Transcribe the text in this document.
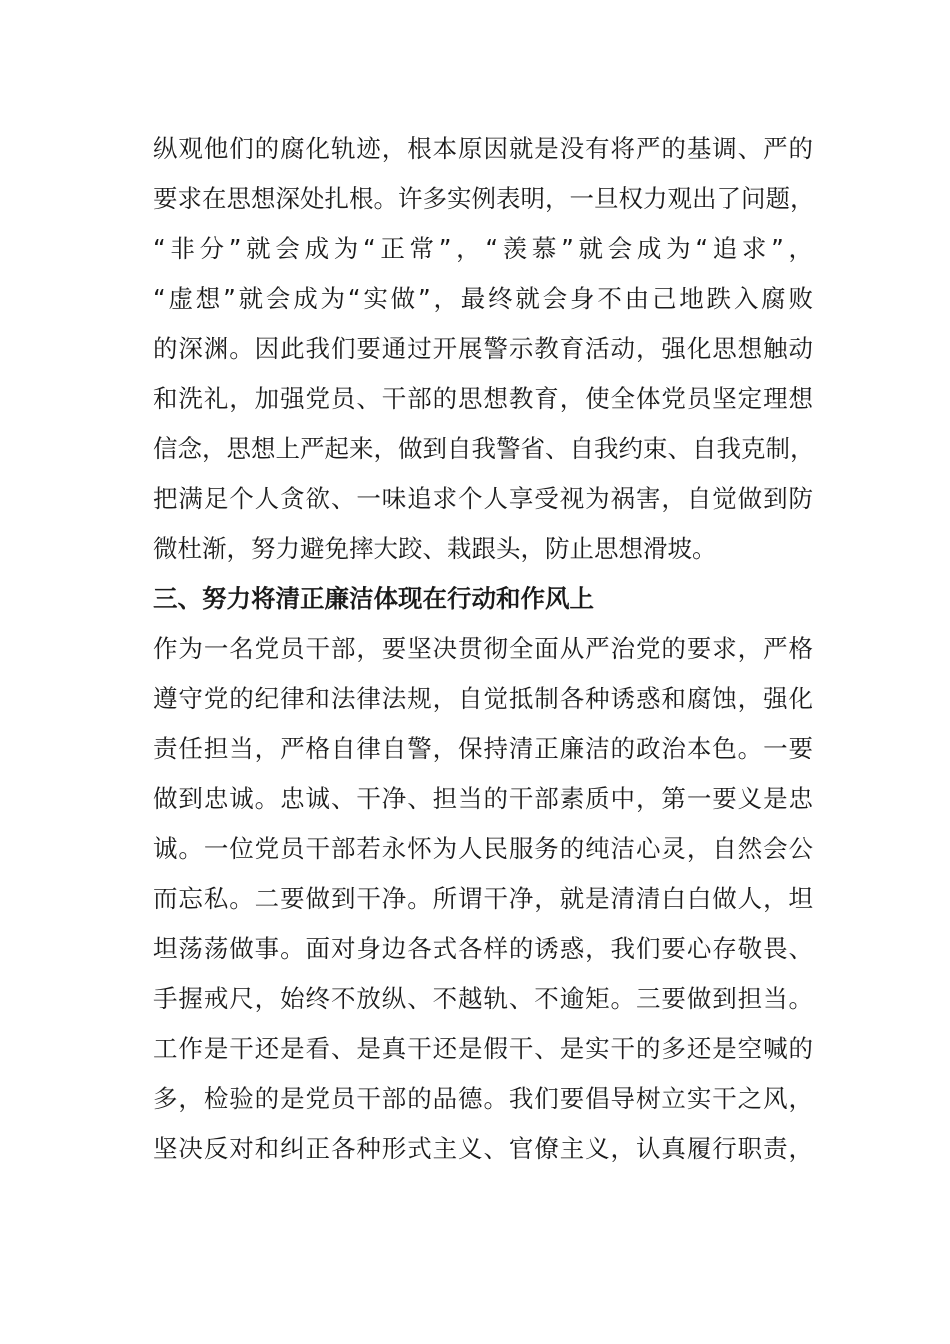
纵观他们的腐化轨迹，根本原因就是没有将严的基调、严的
要求在思想深处扎根。许多实例表明，一旦权力观出了问题，
“非分”就会成为“正常”，“羡慕”就会成为“追求”，
“虚想”就会成为“实做”，最终就会身不由己地跌入腐败
的深渊。因此我们要通过开展警示教育活动，强化思想触动
和洗礼，加强党员、干部的思想教育，使全体党员坚定理想
信念，思想上严起来，做到自我警省、自我约束、自我克制，
把满足个人贪欲、一味追求个人享受视为祸害，自觉做到防
微杜渐，努力避免摔大跤、栽跟头，防止思想滑坡。
三、努力将清正廉洁体现在行动和作风上
作为一名党员干部，要坚决贯彻全面从严治党的要求，严格
遵守党的纪律和法律法规，自觉抵制各种诱惑和腐蚀，强化
责任担当，严格自律自警，保持清正廉洁的政治本色。一要
做到忠诚。忠诚、干净、担当的干部素质中，第一要义是忠
诚。一位党员干部若永怀为人民服务的纯洁心灵，自然会公
而忘私。二要做到干净。所谓干净，就是清清白白做人，坦
坦荡荡做事。面对身边各式各样的诱惑，我们要心存敬畏、
手握戒尺，始终不放纵、不越轨、不逾矩。三要做到担当。
工作是干还是看、是真干还是假干、是实干的多还是空喊的
多，检验的是党员干部的品德。我们要倡导树立实干之风，
坚决反对和纠正各种形式主义、官僚主义，认真履行职责，
